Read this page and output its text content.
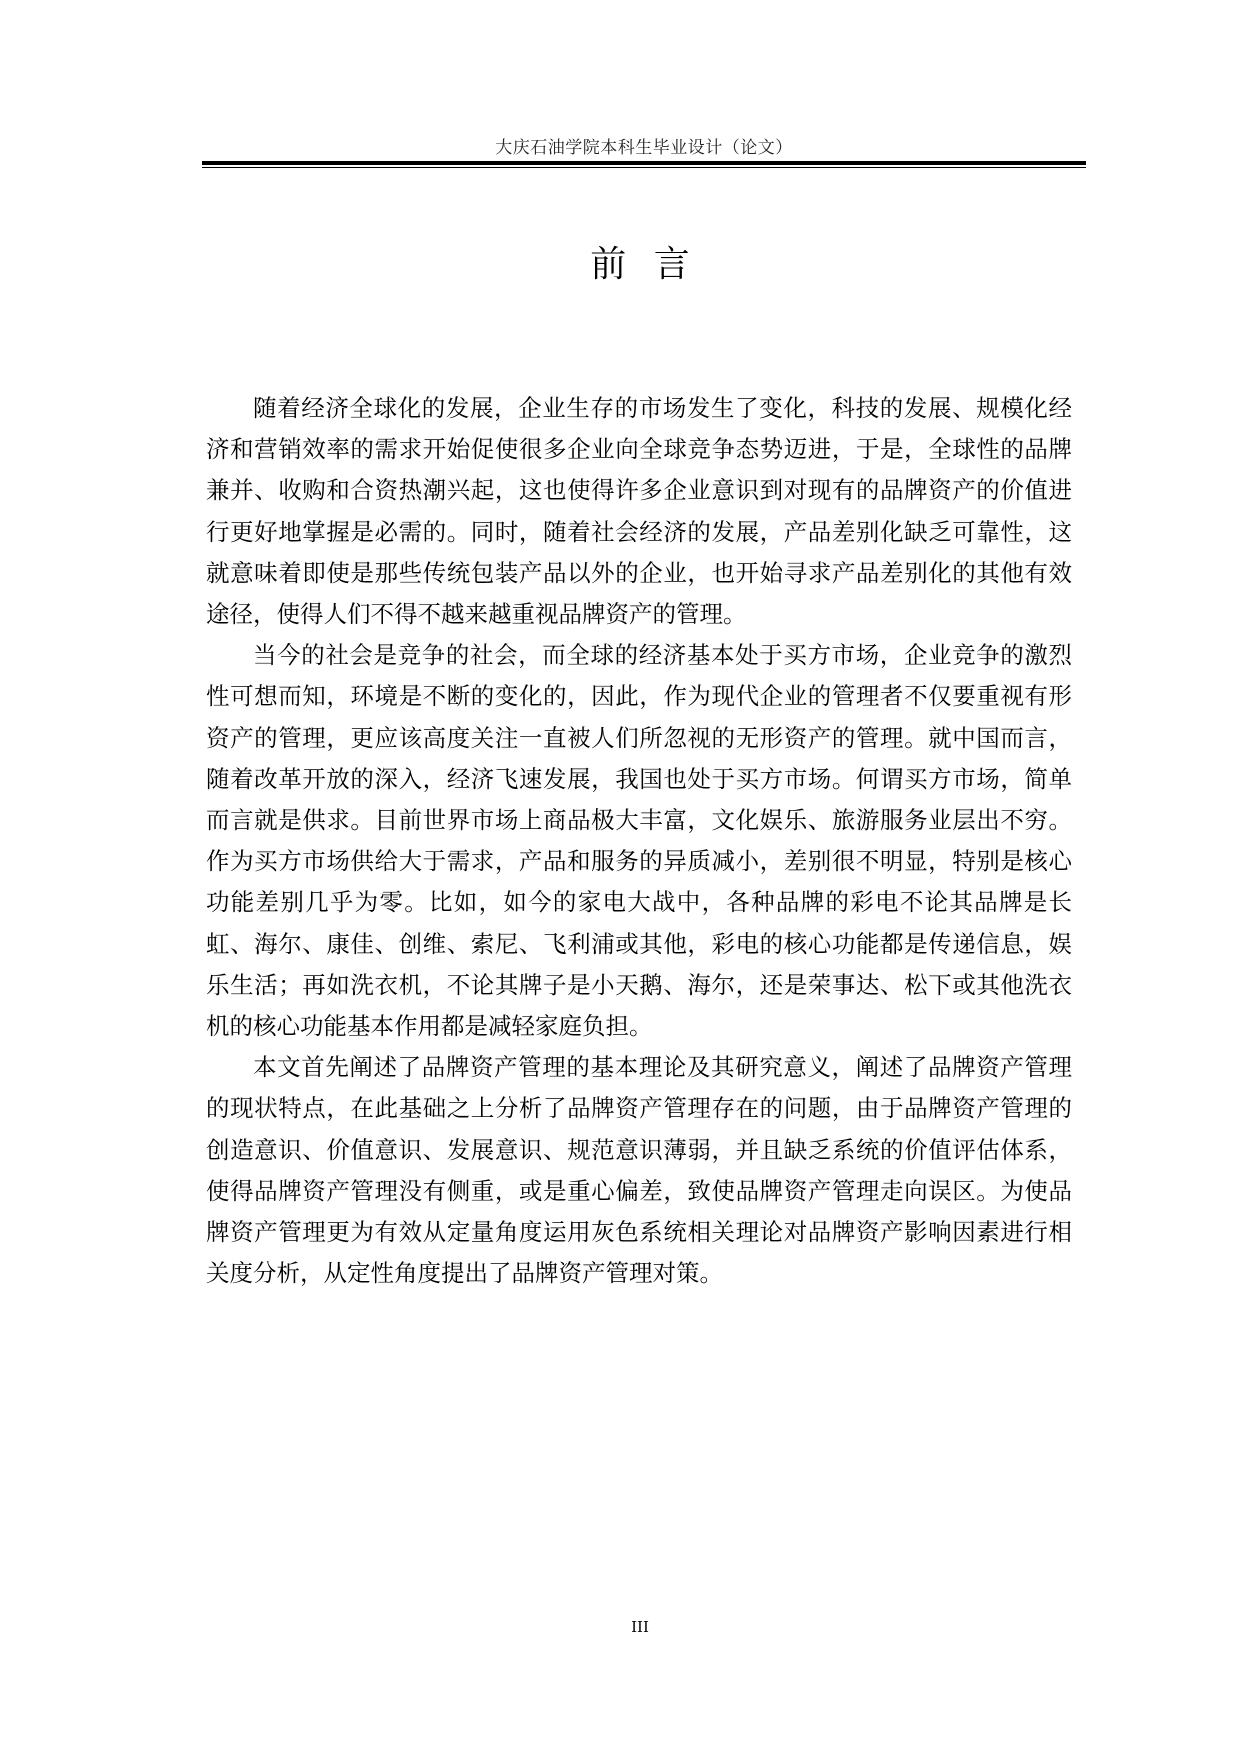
大庆石油学院本科生毕业设计（论文）
前 言

随着经济全球化的发展，企业生存的市场发生了变化，科技的发展、规模化经济和营销效率的需求开始促使很多企业向全球竞争态势迈进，于是，全球性的品牌兼并、收购和合资热潮兴起，这也使得许多企业意识到对现有的品牌资产的价值进行更好地掌握是必需的。同时，随着社会经济的发展，产品差别化缺乏可靠性，这就意味着即使是那些传统包装产品以外的企业，也开始寻求产品差别化的其他有效途径，使得人们不得不越来越重视品牌资产的管理。

当今的社会是竞争的社会，而全球的经济基本处于买方市场，企业竞争的激烈性可想而知，环境是不断的变化的，因此，作为现代企业的管理者不仅要重视有形资产的管理，更应该高度关注一直被人们所忽视的无形资产的管理。就中国而言，随着改革开放的深入，经济飞速发展，我国也处于买方市场。何谓买方市场，简单而言就是供求。目前世界市场上商品极大丰富，文化娱乐、旅游服务业层出不穷。作为买方市场供给大于需求，产品和服务的异质减小，差别很不明显，特别是核心功能差别几乎为零。比如，如今的家电大战中，各种品牌的彩电不论其品牌是长虹、海尔、康佳、创维、索尼、飞利浦或其他，彩电的核心功能都是传递信息，娱乐生活；再如洗衣机，不论其牌子是小天鹅、海尔，还是荣事达、松下或其他洗衣机的核心功能基本作用都是减轻家庭负担。

本文首先阐述了品牌资产管理的基本理论及其研究意义，阐述了品牌资产管理的现状特点，在此基础之上分析了品牌资产管理存在的问题，由于品牌资产管理的创造意识、价值意识、发展意识、规范意识薄弱，并且缺乏系统的价值评估体系，使得品牌资产管理没有侧重，或是重心偏差，致使品牌资产管理走向误区。为使品牌资产管理更为有效从定量角度运用灰色系统相关理论对品牌资产影响因素进行相关度分析，从定性角度提出了品牌资产管理对策。

III
